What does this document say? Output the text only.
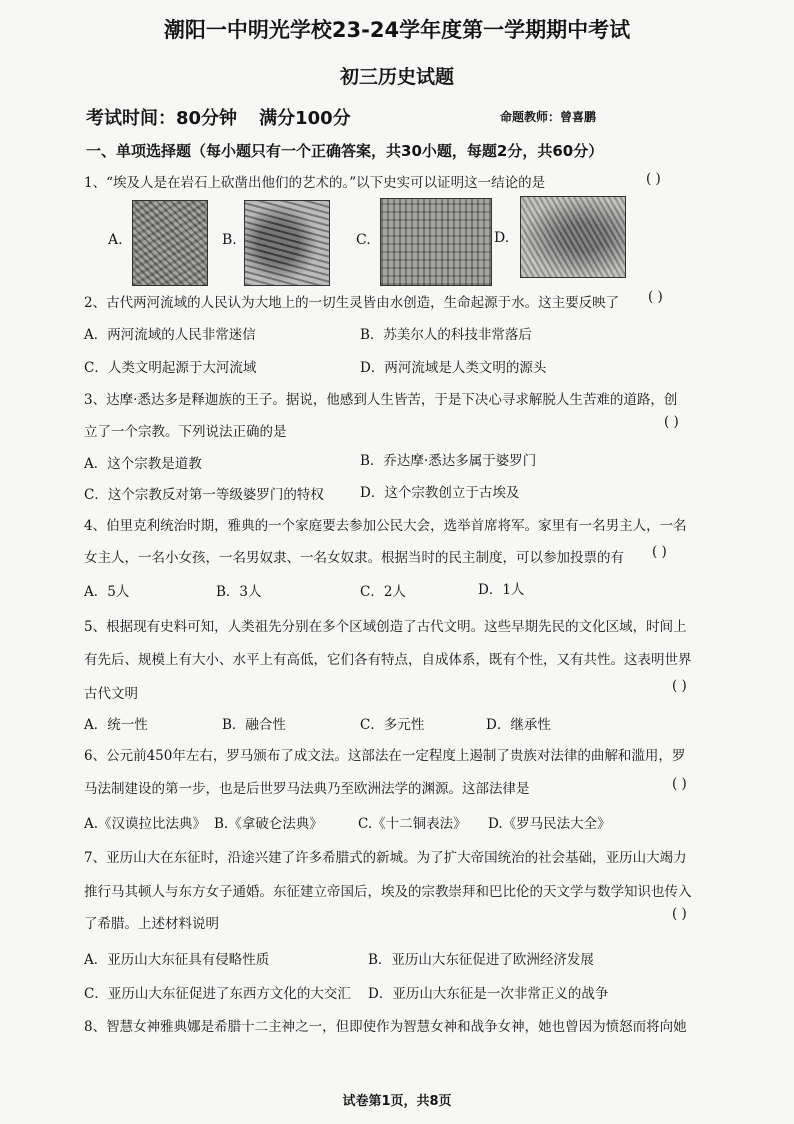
潮阳一中明光学校23-24学年度第一学期期中考试
初三历史试题
考试时间：80分钟 满分100分	命题教师：曾喜鹏
一、单项选择题（每小题只有一个正确答案，共30小题，每题2分，共60分）
1、“埃及人是在岩石上砍凿出他们的艺术的。”以下史实可以证明这一结论的是	( )
A.	B.	C.	D.
2、古代两河流域的人民认为大地上的一切生灵皆由水创造，生命起源于水。这主要反映了 ( )
A．两河流域的人民非常迷信	B．苏美尔人的科技非常落后
C．人类文明起源于大河流域	D．两河流域是人类文明的源头
3、达摩·悉达多是释迦族的王子。据说，他感到人生皆苦，于是下决心寻求解脱人生苦难的道路，创
立了一个宗教。下列说法正确的是
( )
A．这个宗教是道教	B．乔达摩·悉达多属于婆罗门
C．这个宗教反对第一等级婆罗门的特权	D．这个宗教创立于古埃及
4、伯里克利统治时期，雅典的一个家庭要去参加公民大会，选举首席将军。家里有一名男主人，一名
女主人，一名小女孩，一名男奴隶、一名女奴隶。根据当时的民主制度，可以参加投票的有 ( )
A．5人	B．3人	C．2人	D．1人
5、根据现有史料可知，人类祖先分别在多个区域创造了古代文明。这些早期先民的文化区域，时间上
有先后、规模上有大小、水平上有高低，它们各有特点，自成体系，既有个性，又有共性。这表明世界
古代文明	( )
A．统一性	B．融合性	C．多元性	D．继承性
6、公元前450年左右，罗马颁布了成文法。这部法在一定程度上遏制了贵族对法律的曲解和滥用，罗
马法制建设的第一步，也是后世罗马法典乃至欧洲法学的渊源。这部法律是	( )
A.《汉谟拉比法典》 B.《拿破仑法典》	C.《十二铜表法》 D.《罗马民法大全》
7、亚历山大在东征时，沿途兴建了许多希腊式的新城。为了扩大帝国统治的社会基础，亚历山大竭力
推行马其顿人与东方女子通婚。东征建立帝国后，埃及的宗教崇拜和巴比伦的天文学与数学知识也传入
了希腊。上述材料说明
( )
A．亚历山大东征具有侵略性质	B．亚历山大东征促进了欧洲经济发展
C．亚历山大东征促进了东西方文化的大交汇 D．亚历山大东征是一次非常正义的战争
8、智慧女神雅典娜是希腊十二主神之一，但即使作为智慧女神和战争女神，她也曾因为愤怒而将向她
试卷第1页，共8页
